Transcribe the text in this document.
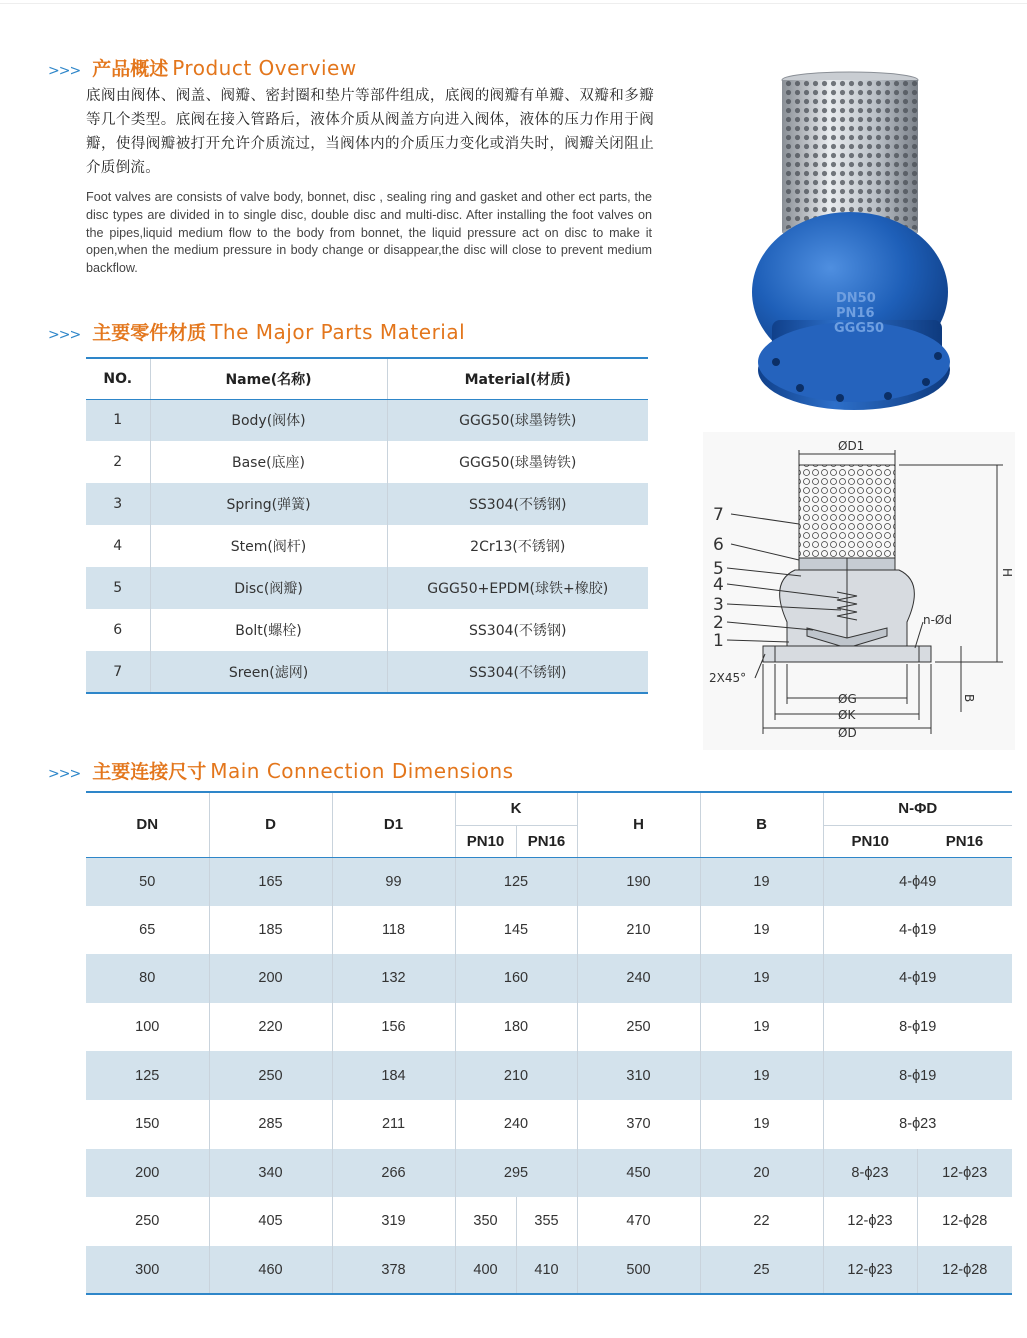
>>> 产品概述 Product Overview

底阀由阀体、阀盖、阀瓣、密封圈和垫片等部件组成，底阀的阀瓣有单瓣、双瓣和多瓣等几个类型。底阀在接入管路后，液体介质从阀盖方向进入阀体，液体的压力作用于阀瓣，使得阀瓣被打开允许介质流过，当阀体内的介质压力变化或消失时，阀瓣关闭阻止介质倒流。

Foot valves are consists of valve body, bonnet, disc , sealing ring and gasket and other ect parts, the disc types are divided in to single disc, double disc and multi-disc. After installing the foot valves on the pipes,liquid medium flow to the body from bonnet, the liquid pressure act on disc to make it open,when the medium pressure in body change or disappear,the disc will close to prevent medium backflow.

>>> 主要零件材质 The Major Parts Material
NO.	Name(名称)	Material(材质)
1	Body(阀体)	GGG50(球墨铸铁)
2	Base(底座)	GGG50(球墨铸铁)
3	Spring(弹簧)	SS304(不锈钢)
4	Stem(阀杆)	2Cr13(不锈钢)
5	Disc(阀瓣)	GGG50+EPDM(球铁+橡胶)
6	Bolt(螺栓)	SS304(不锈钢)
7	Sreen(滤网)	SS304(不锈钢)
DN50
PN16
GGG50
ØD1
H
n-Ød
2X45°
ØG
ØK
ØD
B
7
6
5
4
3
2
1
>>> 主要连接尺寸 Main Connection Dimensions
DN	D	D1	K		H	B	N-ΦD	
			PN10	PN16			PN10	PN16
50	165	99	125		190	19	4-ϕ49	
65	185	118	145		210	19	4-ϕ19	
80	200	132	160		240	19	4-ϕ19	
100	220	156	180		250	19	8-ϕ19	
125	250	184	210		310	19	8-ϕ19	
150	285	211	240		370	19	8-ϕ23	
200	340	266	295		450	20	8-ϕ23	12-ϕ23
250	405	319	350	355	470	22	12-ϕ23	12-ϕ28
300	460	378	400	410	500	25	12-ϕ23	12-ϕ28
